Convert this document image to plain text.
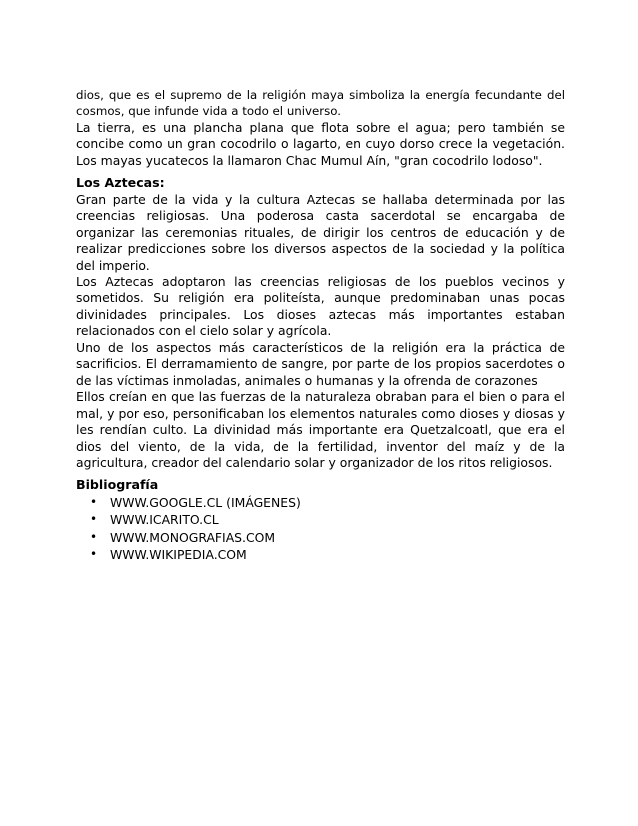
dios, que es el supremo de la religión maya simboliza la energía fecundante del cosmos, que infunde vida a todo el universo.

La tierra, es una plancha plana que flota sobre el agua; pero también se concibe como un gran cocodrilo o lagarto, en cuyo dorso crece la vegetación. Los mayas yucatecos la llamaron Chac Mumul Aín, "gran cocodrilo lodoso".

Los Aztecas:

Gran parte de la vida y la cultura Aztecas se hallaba determinada por las creencias religiosas. Una poderosa casta sacerdotal se encargaba de organizar las ceremonias rituales, de dirigir los centros de educación y de realizar predicciones sobre los diversos aspectos de la sociedad y la política del imperio.

Los Aztecas adoptaron las creencias religiosas de los pueblos vecinos y sometidos. Su religión era politeísta, aunque predominaban unas pocas divinidades principales. Los dioses aztecas más importantes estaban relacionados con el cielo solar y agrícola.

Uno de los aspectos más característicos de la religión era la práctica de sacrificios. El derramamiento de sangre, por parte de los propios sacerdotes o de las víctimas inmoladas, animales o humanas y la ofrenda de corazones

Ellos creían en que las fuerzas de la naturaleza obraban para el bien o para el mal, y por eso, personificaban los elementos naturales como dioses y diosas y les rendían culto. La divinidad más importante era Quetzalcoatl, que era el dios del viento, de la vida, de la fertilidad, inventor del maíz y de la agricultura, creador del calendario solar y organizador de los ritos religiosos.

Bibliografía
• WWW.GOOGLE.CL (IMÁGENES)
• WWW.ICARITO.CL
• WWW.MONOGRAFIAS.COM
• WWW.WIKIPEDIA.COM
